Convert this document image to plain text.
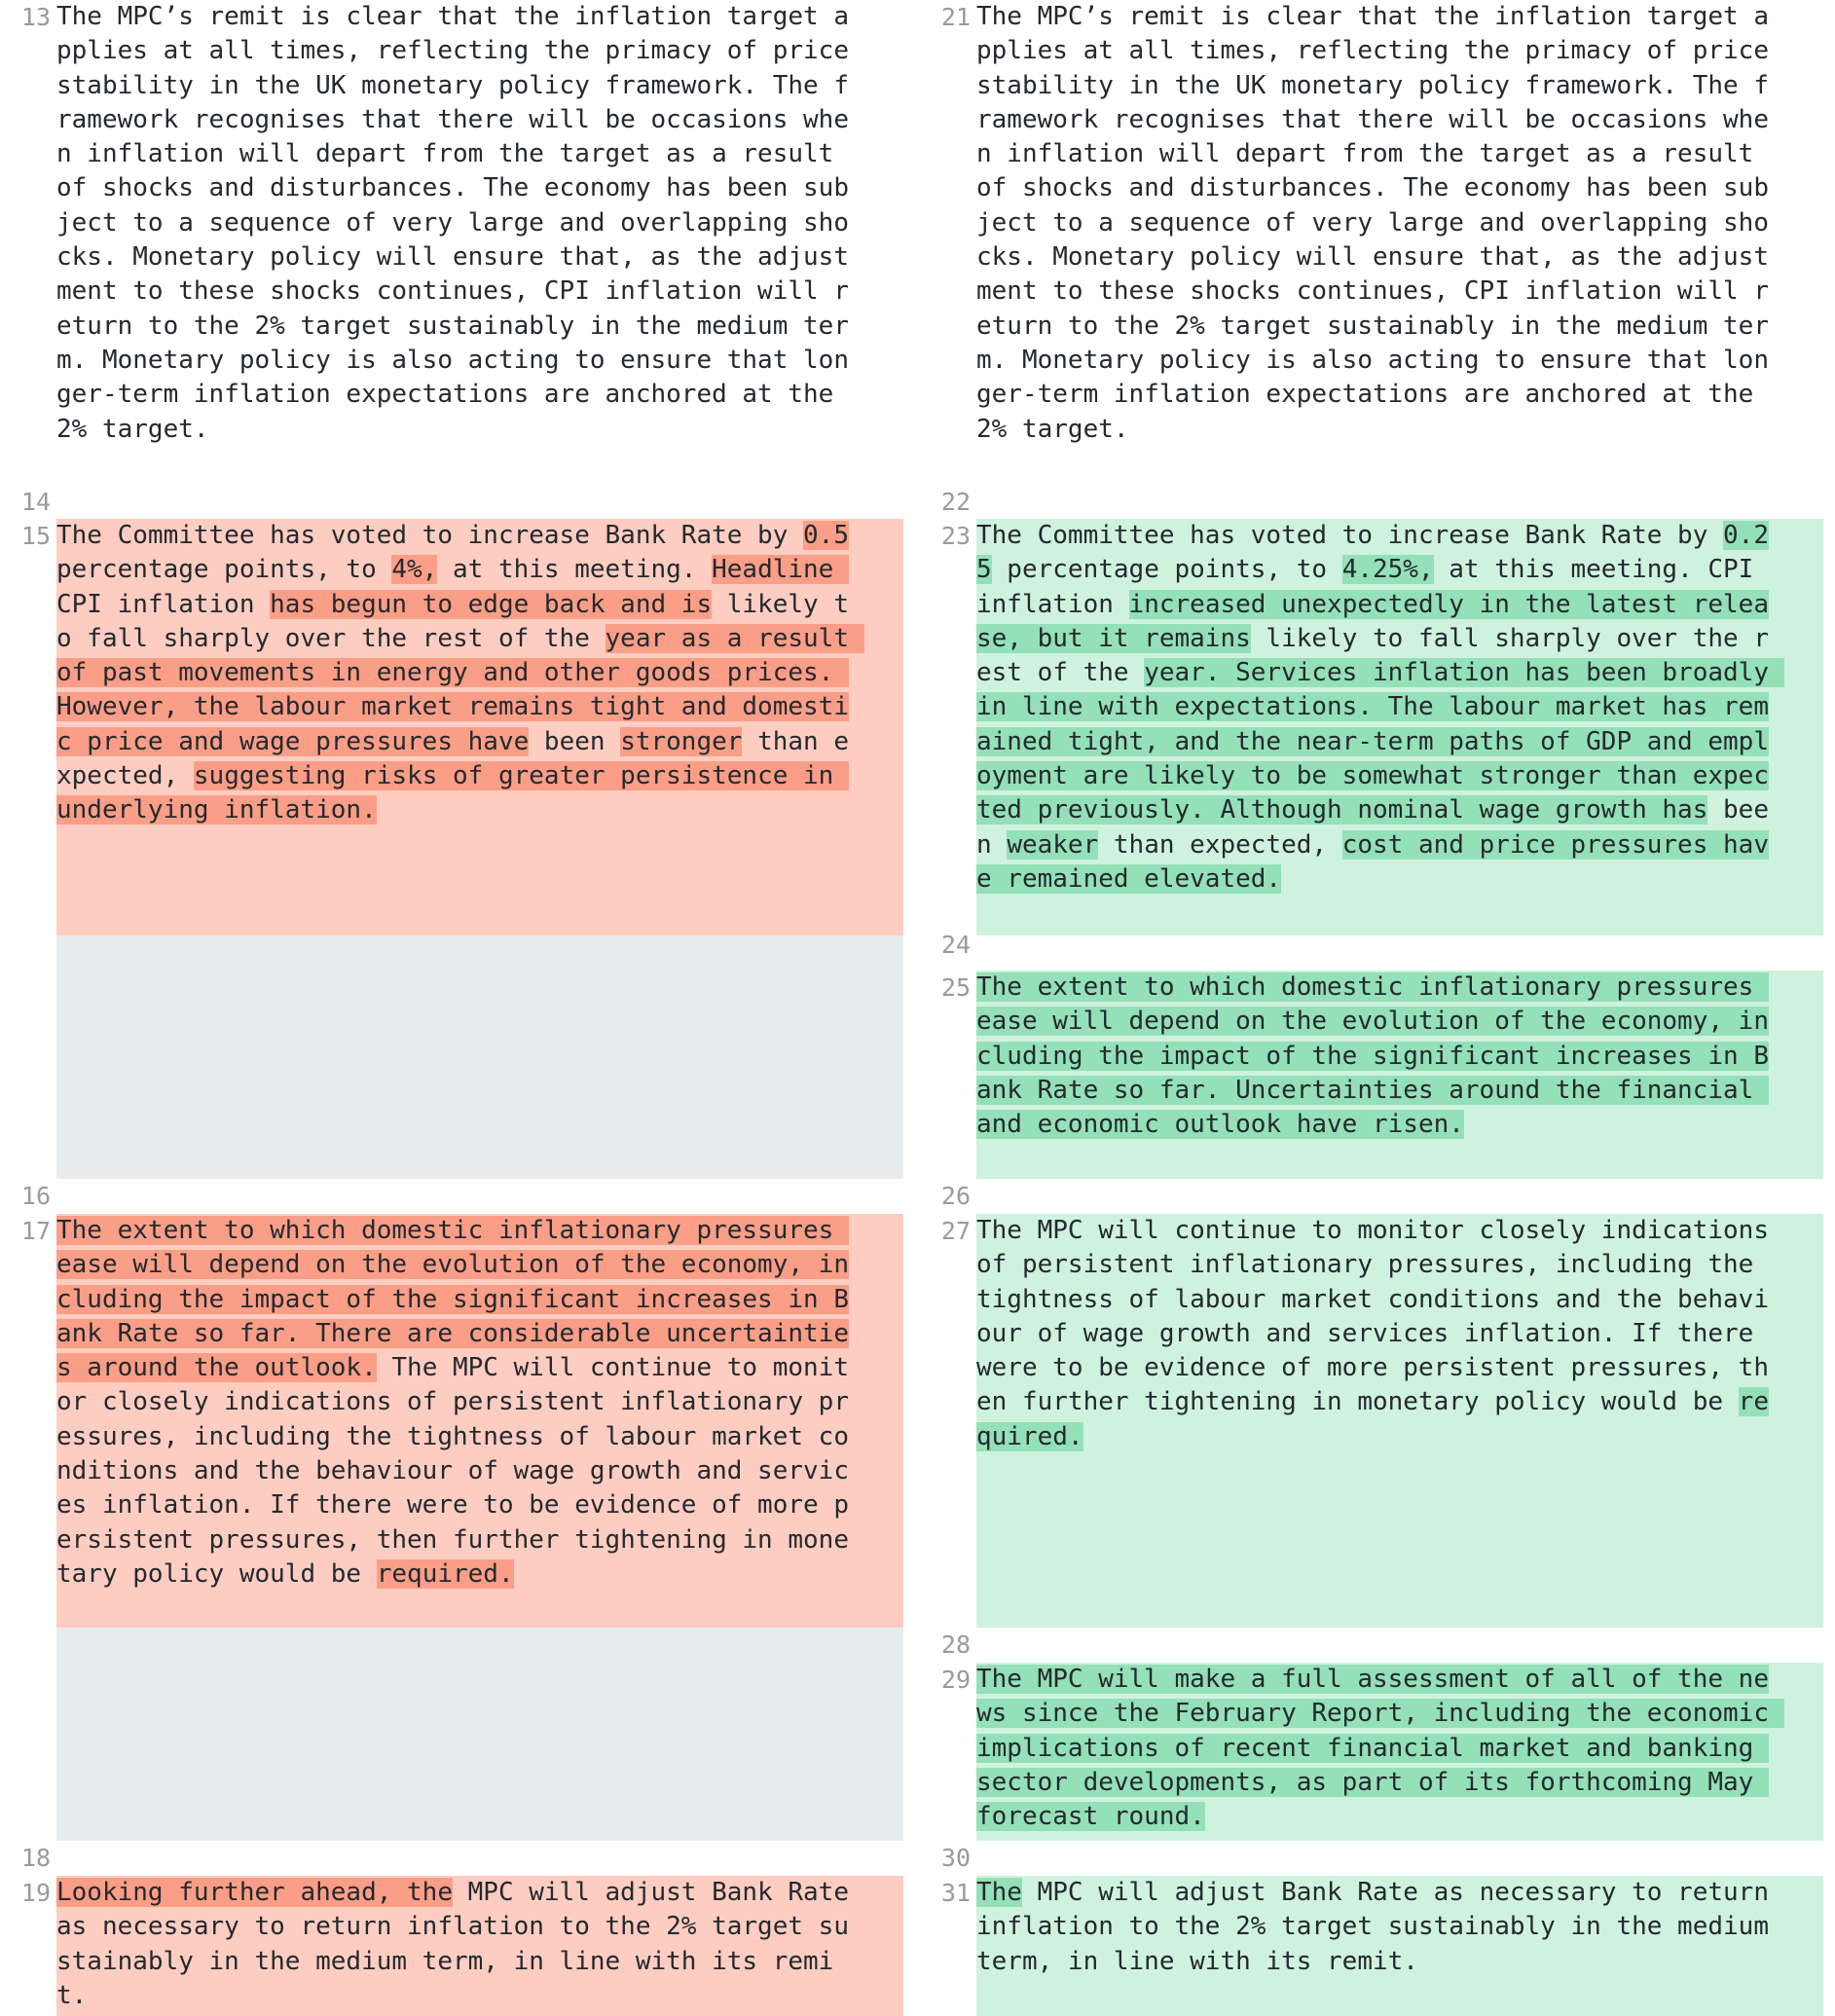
13 The MPC’s remit is clear that the inflation target applies at all times, reflecting the primacy of price stability in the UK monetary policy framework. The framework recognises that there will be occasions when inflation will depart from the target as a result of shocks and disturbances. The economy has been subject to a sequence of very large and overlapping shocks. Monetary policy will ensure that, as the adjustment to these shocks continues, CPI inflation will return to the 2% target sustainably in the medium term. Monetary policy is also acting to ensure that longer-term inflation expectations are anchored at the 2% target.
14
15 The Committee has voted to increase Bank Rate by 0.5 percentage points, to 4%, at this meeting. Headline CPI inflation has begun to edge back and is likely to fall sharply over the rest of the year as a result of past movements in energy and other goods prices. However, the labour market remains tight and domestic price and wage pressures have been stronger than expected, suggesting risks of greater persistence in underlying inflation.
16
17 The extent to which domestic inflationary pressures ease will depend on the evolution of the economy, including the impact of the significant increases in Bank Rate so far. There are considerable uncertainties around the outlook. The MPC will continue to monitor closely indications of persistent inflationary pressures, including the tightness of labour market conditions and the behaviour of wage growth and services inflation. If there were to be evidence of more persistent pressures, then further tightening in monetary policy would be required.
18
19 Looking further ahead, the MPC will adjust Bank Rate as necessary to return inflation to the 2% target sustainably in the medium term, in line with its remit.
21 The MPC’s remit is clear that the inflation target applies at all times, reflecting the primacy of price stability in the UK monetary policy framework. The framework recognises that there will be occasions when inflation will depart from the target as a result of shocks and disturbances. The economy has been subject to a sequence of very large and overlapping shocks. Monetary policy will ensure that, as the adjustment to these shocks continues, CPI inflation will return to the 2% target sustainably in the medium term. Monetary policy is also acting to ensure that longer-term inflation expectations are anchored at the 2% target.
22
23 The Committee has voted to increase Bank Rate by 0.25 percentage points, to 4.25%, at this meeting. CPI inflation increased unexpectedly in the latest release, but it remains likely to fall sharply over the rest of the year. Services inflation has been broadly in line with expectations. The labour market has remained tight, and the near-term paths of GDP and employment are likely to be somewhat stronger than expected previously. Although nominal wage growth has been weaker than expected, cost and price pressures have remained elevated.
24
25 The extent to which domestic inflationary pressures ease will depend on the evolution of the economy, including the impact of the significant increases in Bank Rate so far. Uncertainties around the financial and economic outlook have risen.
26
27 The MPC will continue to monitor closely indications of persistent inflationary pressures, including the tightness of labour market conditions and the behaviour of wage growth and services inflation. If there were to be evidence of more persistent pressures, then further tightening in monetary policy would be required.
28
29 The MPC will make a full assessment of all of the news since the February Report, including the economic implications of recent financial market and banking sector developments, as part of its forthcoming May forecast round.
30
31 The MPC will adjust Bank Rate as necessary to return inflation to the 2% target sustainably in the medium term, in line with its remit.
